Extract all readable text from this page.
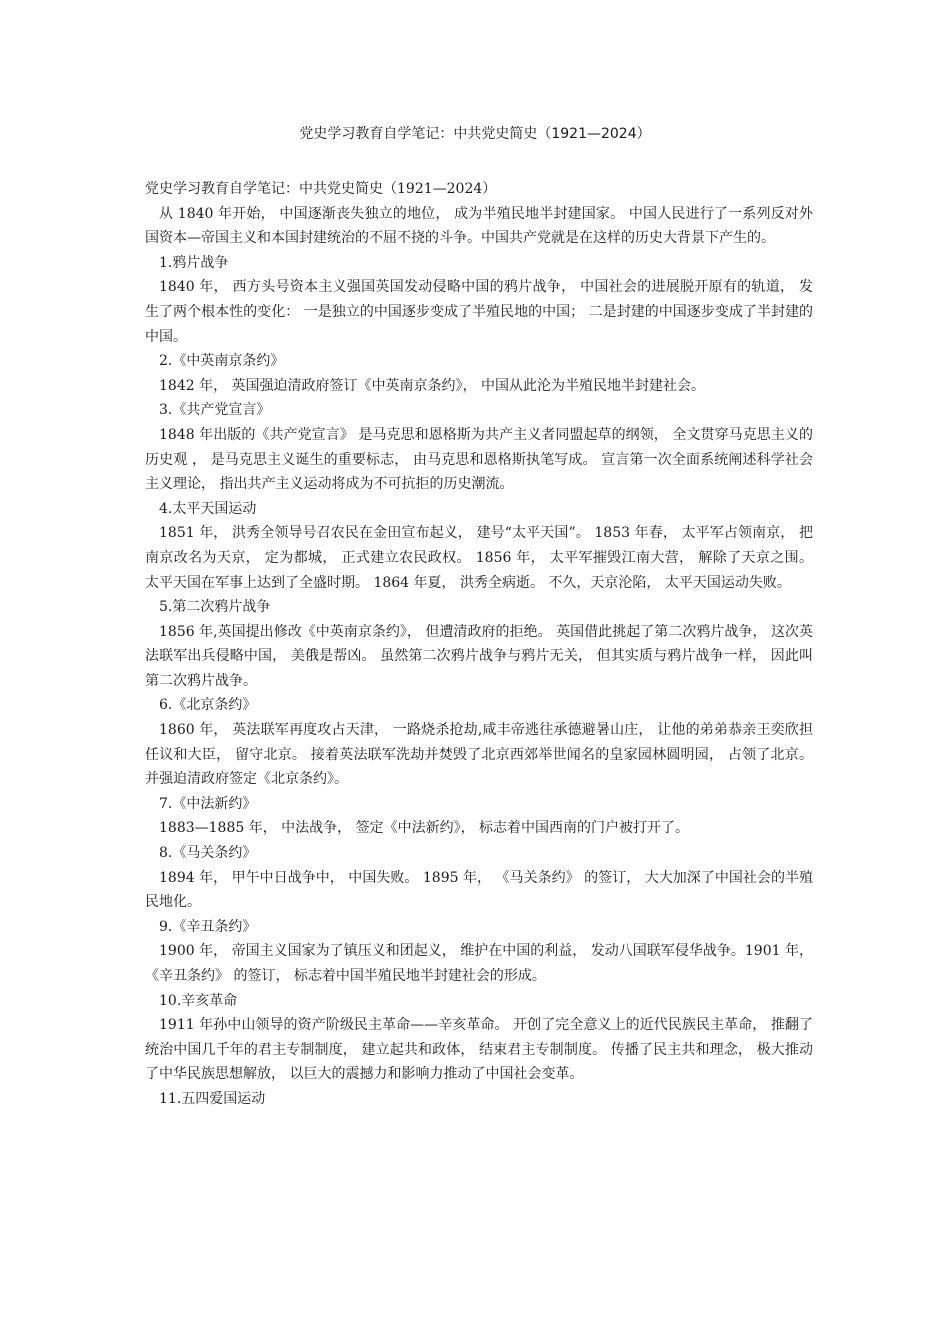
党史学习教育自学笔记：中共党史简史（1921—2024）

党史学习教育自学笔记：中共党史简史（1921—2024）

从 1840 年开始， 中国逐渐丧失独立的地位， 成为半殖民地半封建国家。 中国人民进行了一系列反对外国资本—帝国主义和本国封建统治的不屈不挠的斗争。中国共产党就是在这样的历史大背景下产生的。

1.鸦片战争

1840 年， 西方头号资本主义强国英国发动侵略中国的鸦片战争， 中国社会的进展脱开原有的轨道， 发生了两个根本性的变化： 一是独立的中国逐步变成了半殖民地的中国； 二是封建的中国逐步变成了半封建的中国。

2.《中英南京条约》

1842 年， 英国强迫清政府签订《中英南京条约》， 中国从此沦为半殖民地半封建社会。

3.《共产党宣言》

1848 年出版的《共产党宣言》 是马克思和恩格斯为共产主义者同盟起草的纲领， 全文贯穿马克思主义的历史观 ， 是马克思主义诞生的重要标志， 由马克思和恩格斯执笔写成。 宣言第一次全面系统阐述科学社会主义理论， 指出共产主义运动将成为不可抗拒的历史潮流。

4.太平天国运动

1851 年， 洪秀全领导号召农民在金田宣布起义， 建号“太平天国”。 1853 年春， 太平军占领南京， 把南京改名为天京， 定为都城， 正式建立农民政权。 1856 年， 太平军摧毁江南大营， 解除了天京之围。 太平天国在军事上达到了全盛时期。 1864 年夏， 洪秀全病逝。 不久，天京沦陷， 太平天国运动失败。

5.第二次鸦片战争

1856 年,英国提出修改《中英南京条约》， 但遭清政府的拒绝。 英国借此挑起了第二次鸦片战争， 这次英法联军出兵侵略中国， 美俄是帮凶。 虽然第二次鸦片战争与鸦片无关， 但其实质与鸦片战争一样， 因此叫第二次鸦片战争。

6.《北京条约》

1860 年， 英法联军再度攻占天津， 一路烧杀抢劫,咸丰帝逃往承德避暑山庄， 让他的弟弟恭亲王奕欣担任议和大臣， 留守北京。 接着英法联军洗劫并焚毁了北京西郊举世闻名的皇家园林圆明园， 占领了北京。 并强迫清政府签定《北京条约》。

7.《中法新约》

1883—1885 年， 中法战争， 签定《中法新约》， 标志着中国西南的门户被打开了。

8.《马关条约》

1894 年， 甲午中日战争中， 中国失败。 1895 年， 《马关条约》 的签订， 大大加深了中国社会的半殖民地化。

9.《辛丑条约》

1900 年， 帝国主义国家为了镇压义和团起义， 维护在中国的利益， 发动八国联军侵华战争。1901 年， 《辛丑条约》 的签订， 标志着中国半殖民地半封建社会的形成。

10.辛亥革命

1911 年孙中山领导的资产阶级民主革命——辛亥革命。 开创了完全意义上的近代民族民主革命， 推翻了统治中国几千年的君主专制制度， 建立起共和政体， 结束君主专制制度。 传播了民主共和理念， 极大推动了中华民族思想解放， 以巨大的震撼力和影响力推动了中国社会变革。

11.五四爱国运动
